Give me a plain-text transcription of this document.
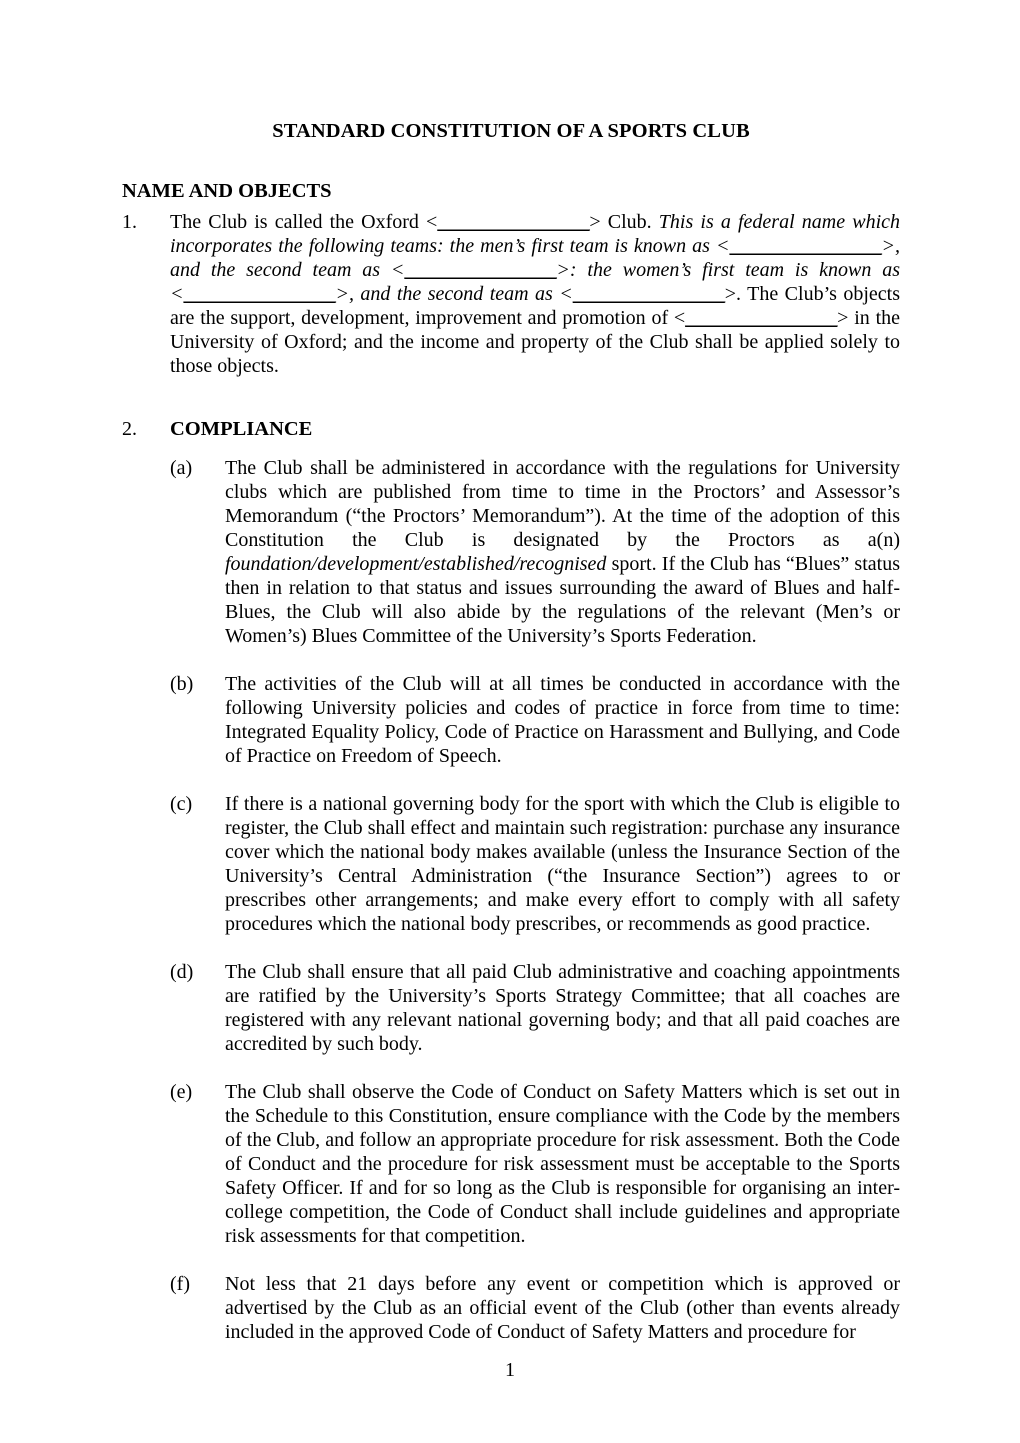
STANDARD CONSTITUTION OF A SPORTS CLUB
NAME AND OBJECTS
1. The Club is called the Oxford <________________> Club. This is a federal name which incorporates the following teams: the men’s first team is known as <________________>, and the second team as <________________>: the women’s first team is known as <________________>, and the second team as <________________>. The Club’s objects are the support, development, improvement and promotion of <________________> in the University of Oxford; and the income and property of the Club shall be applied solely to those objects.

2. COMPLIANCE
(a) The Club shall be administered in accordance with the regulations for University clubs which are published from time to time in the Proctors’ and Assessor’s Memorandum (“the Proctors’ Memorandum”). At the time of the adoption of this Constitution the Club is designated by the Proctors as a(n) foundation/development/established/recognised sport. If the Club has “Blues” status then in relation to that status and issues surrounding the award of Blues and half-Blues, the Club will also abide by the regulations of the relevant (Men’s or Women’s) Blues Committee of the University’s Sports Federation.

(b) The activities of the Club will at all times be conducted in accordance with the following University policies and codes of practice in force from time to time: Integrated Equality Policy, Code of Practice on Harassment and Bullying, and Code of Practice on Freedom of Speech.

(c) If there is a national governing body for the sport with which the Club is eligible to register, the Club shall effect and maintain such registration: purchase any insurance cover which the national body makes available (unless the Insurance Section of the University’s Central Administration (“the Insurance Section”) agrees to or prescribes other arrangements; and make every effort to comply with all safety procedures which the national body prescribes, or recommends as good practice.

(d) The Club shall ensure that all paid Club administrative and coaching appointments are ratified by the University’s Sports Strategy Committee; that all coaches are registered with any relevant national governing body; and that all paid coaches are accredited by such body.

(e) The Club shall observe the Code of Conduct on Safety Matters which is set out in the Schedule to this Constitution, ensure compliance with the Code by the members of the Club, and follow an appropriate procedure for risk assessment. Both the Code of Conduct and the procedure for risk assessment must be acceptable to the Sports Safety Officer. If and for so long as the Club is responsible for organising an inter-college competition, the Code of Conduct shall include guidelines and appropriate risk assessments for that competition.

(f) Not less that 21 days before any event or competition which is approved or advertised by the Club as an official event of the Club (other than events already included in the approved Code of Conduct of Safety Matters and procedure for

1
